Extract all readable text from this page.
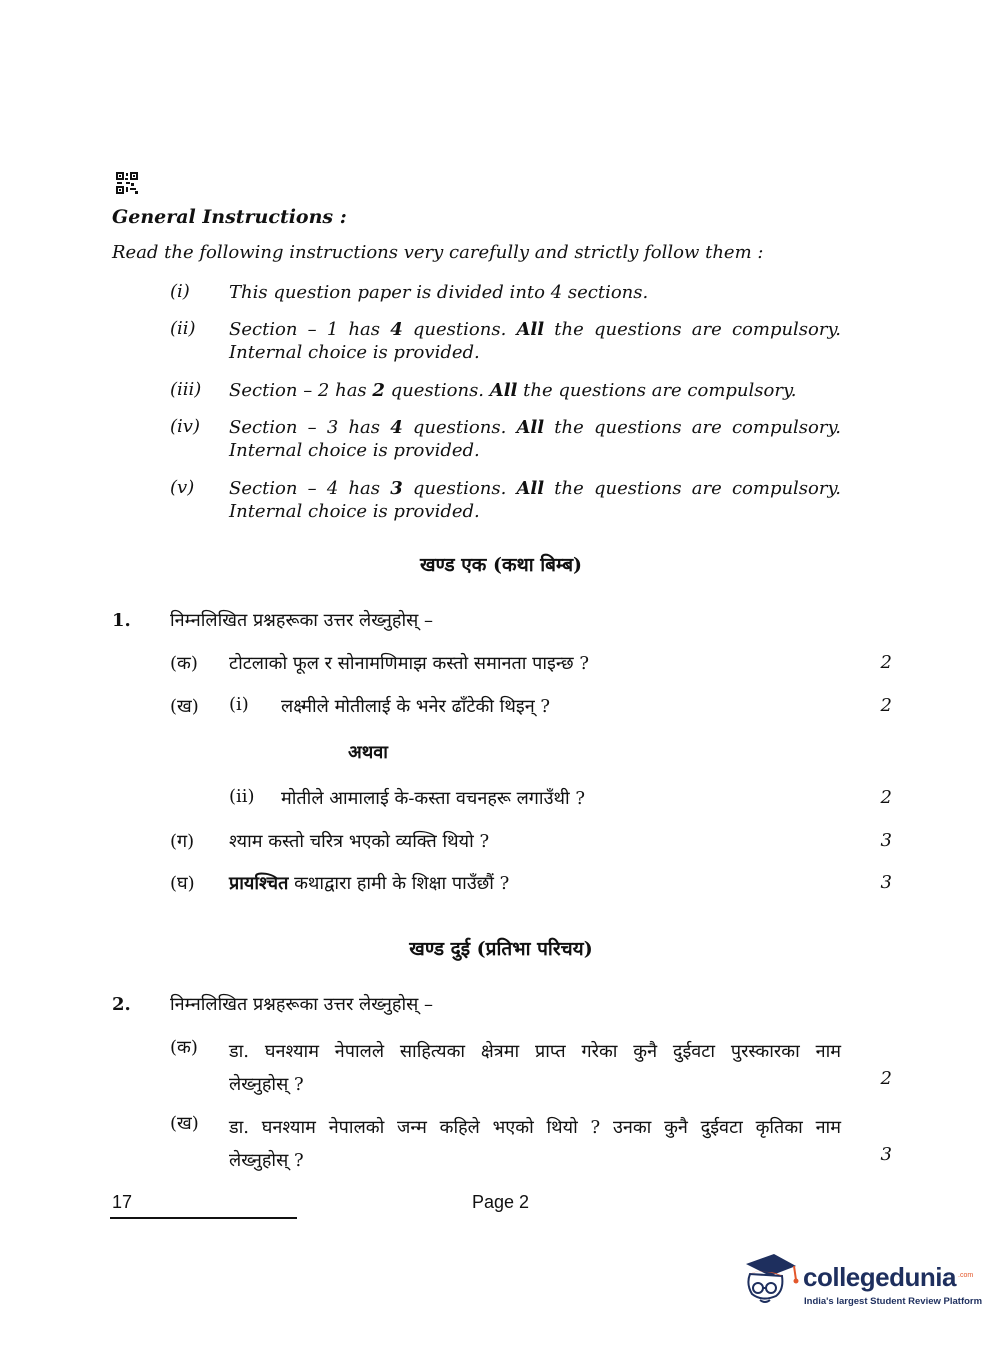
General Instructions :
Read the following instructions very carefully and strictly follow them :
(i) This question paper is divided into 4 sections.
(ii) Section – 1 has 4 questions. All the questions are compulsory.
Internal choice is provided.
(iii) Section – 2 has 2 questions. All the questions are compulsory.
(iv) Section – 3 has 4 questions. All the questions are compulsory.
Internal choice is provided.
(v) Section – 4 has 3 questions. All the questions are compulsory.
Internal choice is provided.
खण्ड एक (कथा बिम्ब)
1. निम्नलिखित प्रश्नहरूका उत्तर लेख्नुहोस् –
(क) टोटलाको फूल र सोनामणिमाझ कस्तो समानता पाइन्छ ?	2
(ख) (i) लक्ष्मीले मोतीलाई के भनेर ढाँटेकी थिइन् ?	2
अथवा
(ii) मोतीले आमालाई के-कस्ता वचनहरू लगाउँथी ?	2
(ग) श्याम कस्तो चरित्र भएको व्यक्ति थियो ?	3
(घ) प्रायश्चित कथाद्वारा हामी के शिक्षा पाउँछौं ?	3
खण्ड दुई (प्रतिभा परिचय)
2. निम्नलिखित प्रश्नहरूका उत्तर लेख्नुहोस् –
(क) डा. घनश्याम नेपालले साहित्यका क्षेत्रमा प्राप्त गरेका कुनै दुईवटा पुरस्कारका नाम
लेख्नुहोस् ?	2
(ख) डा. घनश्याम नेपालको जन्म कहिले भएको थियो ? उनका कुनै दुईवटा कृतिका नाम
लेख्नुहोस् ?	3
17	Page 2
collegedunia .com
India's largest Student Review Platform
